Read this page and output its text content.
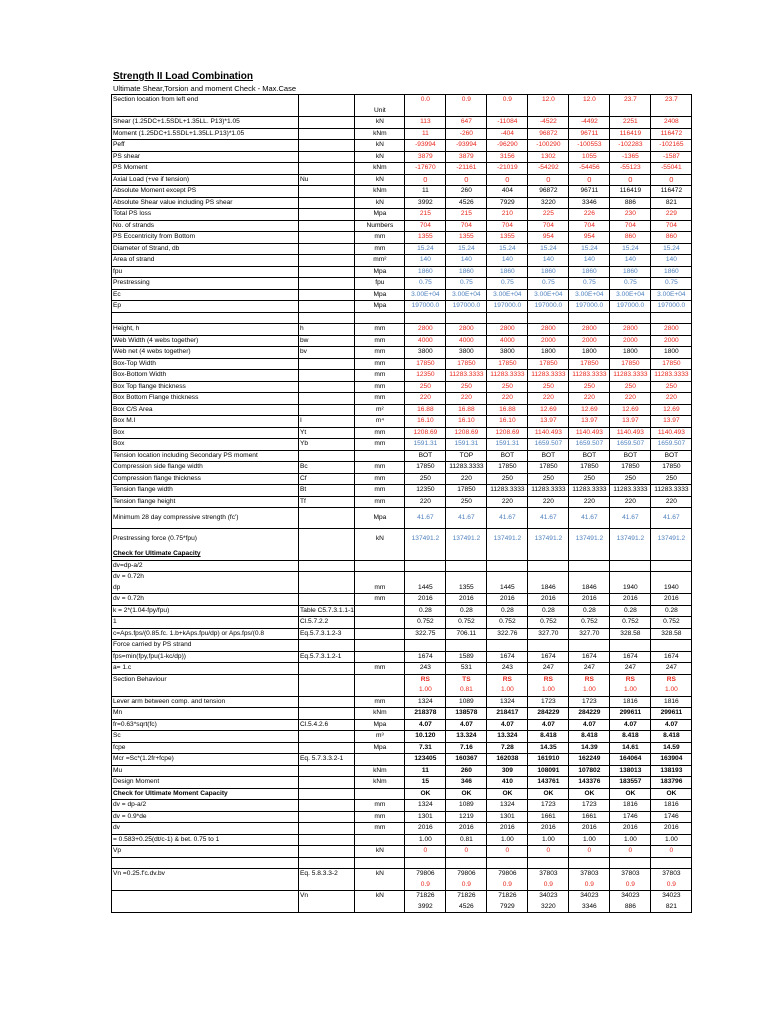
Strength II Load Combination
Ultimate Shear,Torsion and moment Check - Max.Case
Section location from left end			0.0	0.9	0.9	12.0	12.0	23.7	23.7
		Unit							
Shear (1.25DC+1.5SDL+1.35LL. P13)*1.05		kN	113	647	-11084	-4522	-4492	2251	2408
Moment (1.25DC+1.5SDL+1.35LL.P13)*1.05		kNm	11	-260	-404	96872	96711	116419	116472
Peff		kN	-93994	-93994	-96290	-100290	-100553	-102283	-102165
PS shear		kN	3879	3879	3156	1302	1055	-1365	-1587
PS Moment		kNm	-17670	-21161	-21019	-54292	-54456	-55123	-55041
Axial Load (+ve if tension)	Nu	kN	0	0	0	0	0	0	0
Absolute Moment except PS		kNm	11	260	404	96872	96711	116419	116472
Absolute Shear value including PS shear		kN	3992	4526	7929	3220	3346	886	821
Total PS loss		Mpa	215	215	210	225	226	230	229
No. of strands		Numbers	704	704	704	704	704	704	704
PS Eccentricity from Bottom		mm	1355	1355	1355	954	954	860	860
Diameter of Strand, db		mm	15.24	15.24	15.24	15.24	15.24	15.24	15.24
Area of strand		mm²	140	140	140	140	140	140	140
fpu		Mpa	1860	1860	1860	1860	1860	1860	1860
Prestressing		fpu	0.75	0.75	0.75	0.75	0.75	0.75	0.75
Ec		Mpa	3.00E+04	3.00E+04	3.00E+04	3.00E+04	3.00E+04	3.00E+04	3.00E+04
Ep		Mpa	197000.0	197000.0	197000.0	197000.0	197000.0	197000.0	197000.0

Height, h	h	mm	2800	2800	2800	2800	2800	2800	2800
Web Width (4 webs together)	bw	mm	4000	4000	4000	2000	2000	2000	2000
Web net (4 webs together)	bv	mm	3800	3800	3800	1800	1800	1800	1800
Box-Top Width		mm	17850	17850	17850	17850	17850	17850	17850
Box-Bottom Width		mm	12350	11283.3333	11283.3333	11283.3333	11283.3333	11283.3333	11283.3333
Box Top flange thickness		mm	250	250	250	250	250	250	250
Box Bottom Flange thickness		mm	220	220	220	220	220	220	220
Box C/S Area		m²	16.88	16.88	16.88	12.69	12.69	12.69	12.69
Box M.I	I	m⁴	16.10	16.10	16.10	13.97	13.97	13.97	13.97
Box	Yt	mm	1208.69	1208.69	1208.69	1140.493	1140.493	1140.493	1140.493
Box	Yb	mm	1591.31	1591.31	1591.31	1659.507	1659.507	1659.507	1659.507
Tension location including Secondary PS moment			BOT	TOP	BOT	BOT	BOT	BOT	BOT
Compression side flange width	Bc	mm	17850	11283.3333	17850	17850	17850	17850	17850
Compression flange thickness	Cf	mm	250	220	250	250	250	250	250
Tension flange width	Bt	mm	12350	17850	11283.3333	11283.3333	11283.3333	11283.3333	11283.3333
Tension flange height	Tf	mm	220	250	220	220	220	220	220
Minimum 28 day compressive strength (fc')		Mpa	41.67	41.67	41.67	41.67	41.67	41.67	41.67
Prestressing force (0.75*fpu)		kN	137491.2	137491.2	137491.2	137491.2	137491.2	137491.2	137491.2
Check for Ultimate Capacity									
dv=dp-a/2									
dv = 0.72h									
dp		mm	1445	1355	1445	1846	1846	1940	1940
dv = 0.72h		mm	2016	2016	2016	2016	2016	2016	2016
k = 2*(1.04-fpy/fpu)	Table C5.7.3.1.1-1		0.28	0.28	0.28	0.28	0.28	0.28	0.28
1	Cl.5.7.2.2		0.752	0.752	0.752	0.752	0.752	0.752	0.752
c=Aps.fps/(0.85.fc. 1.b+kAps.fpu/dp) or Aps.fps/(0.8	Eq.5.7.3.1.2-3		322.75	706.11	322.76	327.70	327.70	328.58	328.58
Force carried by PS strand									
fps=min(fpy,fpu(1-kc/dp))	Eq.5.7.3.1.2-1		1674	1589	1674	1674	1674	1674	1674
a= 1.c		mm	243	531	243	247	247	247	247
Section Behaviour			RS	TS	RS	RS	RS	RS	RS
			1.00	0.81	1.00	1.00	1.00	1.00	1.00
Lever arm between comp. and tension		mm	1324	1089	1324	1723	1723	1816	1816
Mn		kNm	218378	138578	218417	284229	284229	299611	299611
fr=0.63*sqrt(fc)	Cl.5.4.2.6	Mpa	4.07	4.07	4.07	4.07	4.07	4.07	4.07
Sc		m³	10.120	13.324	13.324	8.418	8.418	8.418	8.418
fcpe		Mpa	7.31	7.16	7.28	14.35	14.39	14.61	14.59
Mcr =Sc*(1.2fr+fcpe)	Eq. 5.7.3.3.2-1		123405	160367	162038	161910	162249	164064	163904
Mu		kNm	11	260	309	108091	107802	138013	138193
Design Moment		kNm	15	346	410	143761	143376	183557	183796
Check for Ultimate Moment Capacity			OK	OK	OK	OK	OK	OK	OK
dv = dp-a/2		mm	1324	1089	1324	1723	1723	1816	1816
dv = 0.9*de		mm	1301	1219	1301	1661	1661	1746	1746
dv		mm	2016	2016	2016	2016	2016	2016	2016
= 0.583+0.25(dt/c-1) & bet. 0.75 to 1			1.00	0.81	1.00	1.00	1.00	1.00	1.00
Vp		kN	0	0	0	0	0	0	0

Vn =0.25.f'c.dv.bv	Eq. 5.8.3.3-2	kN	79806	79806	79806	37803	37803	37803	37803
			0.9	0.9	0.9	0.9	0.9	0.9	0.9
	Vn	kN	71826	71826	71826	34023	34023	34023	34023
			3992	4526	7929	3220	3346	886	821
